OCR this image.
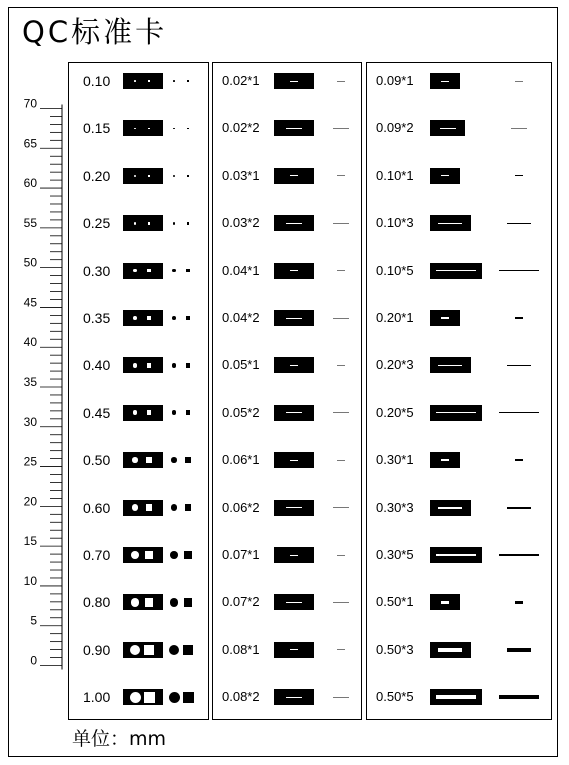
QC标准卡
70
65
60
55
50
45
40
35
30
25
20
15
10
5
0
0.10
0.15
0.20
0.25
0.30
0.35
0.40
0.45
0.50
0.60
0.70
0.80
0.90
1.00
0.02*1
0.02*2
0.03*1
0.03*2
0.04*1
0.04*2
0.05*1
0.05*2
0.06*1
0.06*2
0.07*1
0.07*2
0.08*1
0.08*2
0.09*1
0.09*2
0.10*1
0.10*3
0.10*5
0.20*1
0.20*3
0.20*5
0.30*1
0.30*3
0.30*5
0.50*1
0.50*3
0.50*5
单位：mm
